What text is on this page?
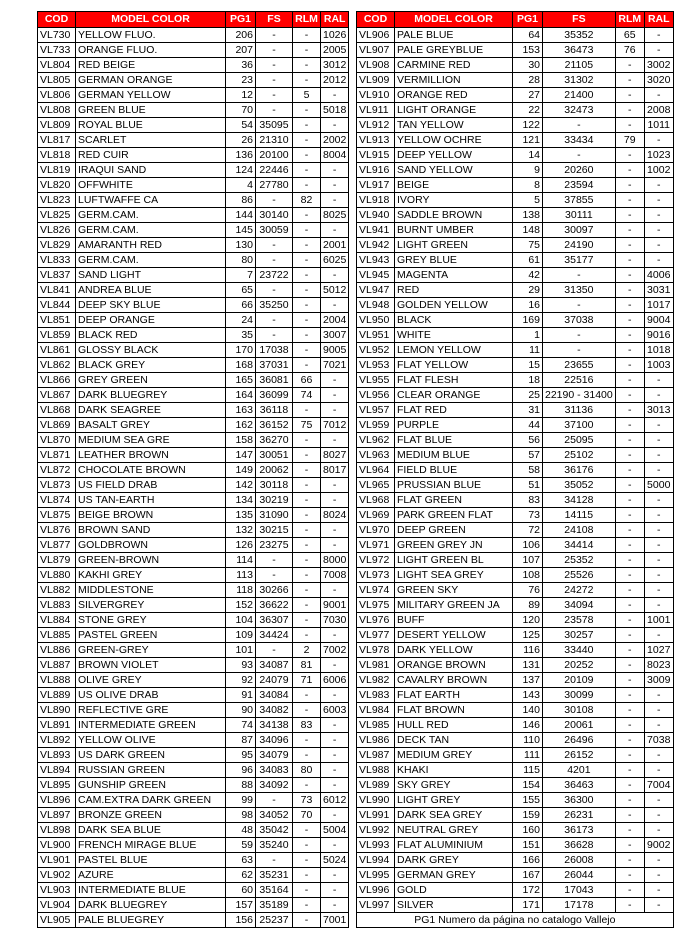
COD	MODEL COLOR	PG1	FS	RLM	RAL
VL730	YELLOW FLUO.	206	-	-	1026
VL733	ORANGE FLUO.	207	-	-	2005
VL804	RED BEIGE	36	-	-	3012
VL805	GERMAN ORANGE	23	-	-	2012
VL806	GERMAN YELLOW	12	-	5	-
VL808	GREEN BLUE	70	-	-	5018
VL809	ROYAL BLUE	54	35095	-	-
VL817	SCARLET	26	21310	-	2002
VL818	RED CUIR	136	20100	-	8004
VL819	IRAQUI SAND	124	22446	-	-
VL820	OFFWHITE	4	27780	-	-
VL823	LUFTWAFFE CA	86	-	82	-
VL825	GERM.CAM.	144	30140	-	8025
VL826	GERM.CAM.	145	30059	-	-
VL829	AMARANTH RED	130	-	-	2001
VL833	GERM.CAM.	80	-	-	6025
VL837	SAND LIGHT	7	23722	-	-
VL841	ANDREA BLUE	65	-	-	5012
VL844	DEEP SKY BLUE	66	35250	-	-
VL851	DEEP ORANGE	24	-	-	2004
VL859	BLACK RED	35	-	-	3007
VL861	GLOSSY BLACK	170	17038	-	9005
VL862	BLACK GREY	168	37031	-	7021
VL866	GREY GREEN	165	36081	66	-
VL867	DARK BLUEGREY	164	36099	74	-
VL868	DARK SEAGREE	163	36118	-	-
VL869	BASALT GREY	162	36152	75	7012
VL870	MEDIUM SEA GRE	158	36270	-	-
VL871	LEATHER BROWN	147	30051	-	8027
VL872	CHOCOLATE BROWN	149	20062	-	8017
VL873	US FIELD DRAB	142	30118	-	-
VL874	US TAN-EARTH	134	30219	-	-
VL875	BEIGE BROWN	135	31090	-	8024
VL876	BROWN SAND	132	30215	-	-
VL877	GOLDBROWN	126	23275	-	-
VL879	GREEN-BROWN	114	-	-	8000
VL880	KAKHI GREY	113	-	-	7008
VL882	MIDDLESTONE	118	30266	-	-
VL883	SILVERGREY	152	36622	-	9001
VL884	STONE GREY	104	36307	-	7030
VL885	PASTEL GREEN	109	34424	-	-
VL886	GREEN-GREY	101	-	2	7002
VL887	BROWN VIOLET	93	34087	81	-
VL888	OLIVE GREY	92	24079	71	6006
VL889	US OLIVE DRAB	91	34084	-	-
VL890	REFLECTIVE GRE	90	34082	-	6003
VL891	INTERMEDIATE GREEN	74	34138	83	-
VL892	YELLOW OLIVE	87	34096	-	-
VL893	US DARK GREEN	95	34079	-	-
VL894	RUSSIAN GREEN	96	34083	80	-
VL895	GUNSHIP GREEN	88	34092	-	-
VL896	CAM.EXTRA DARK GREEN	99	-	73	6012
VL897	BRONZE GREEN	98	34052	70	-
VL898	DARK SEA BLUE	48	35042	-	5004
VL900	FRENCH MIRAGE BLUE	59	35240	-	-
VL901	PASTEL BLUE	63	-	-	5024
VL902	AZURE	62	35231	-	-
VL903	INTERMEDIATE BLUE	60	35164	-	-
VL904	DARK BLUEGREY	157	35189	-	-
VL905	PALE BLUEGREY	156	25237	-	7001
COD	MODEL COLOR	PG1	FS	RLM	RAL
VL906	PALE BLUE	64	35352	65	-
VL907	PALE GREYBLUE	153	36473	76	-
VL908	CARMINE RED	30	21105	-	3002
VL909	VERMILLION	28	31302	-	3020
VL910	ORANGE RED	27	21400	-	-
VL911	LIGHT ORANGE	22	32473	-	2008
VL912	TAN YELLOW	122	-	-	1011
VL913	YELLOW OCHRE	121	33434	79	-
VL915	DEEP YELLOW	14	-	-	1023
VL916	SAND YELLOW	9	20260	-	1002
VL917	BEIGE	8	23594	-	-
VL918	IVORY	5	37855	-	-
VL940	SADDLE BROWN	138	30111	-	-
VL941	BURNT UMBER	148	30097	-	-
VL942	LIGHT GREEN	75	24190	-	-
VL943	GREY BLUE	61	35177	-	-
VL945	MAGENTA	42	-	-	4006
VL947	RED	29	31350	-	3031
VL948	GOLDEN YELLOW	16	-	-	1017
VL950	BLACK	169	37038	-	9004
VL951	WHITE	1	-	-	9016
VL952	LEMON YELLOW	11	-	-	1018
VL953	FLAT YELLOW	15	23655	-	1003
VL955	FLAT FLESH	18	22516	-	-
VL956	CLEAR ORANGE	25	22190 - 31400	-	-
VL957	FLAT RED	31	31136	-	3013
VL959	PURPLE	44	37100	-	-
VL962	FLAT BLUE	56	25095	-	-
VL963	MEDIUM BLUE	57	25102	-	-
VL964	FIELD BLUE	58	36176	-	-
VL965	PRUSSIAN BLUE	51	35052	-	5000
VL968	FLAT GREEN	83	34128	-	-
VL969	PARK GREEN FLAT	73	14115	-	-
VL970	DEEP GREEN	72	24108	-	-
VL971	GREEN GREY JN	106	34414	-	-
VL972	LIGHT GREEN BL	107	25352	-	-
VL973	LIGHT SEA GREY	108	25526	-	-
VL974	GREEN SKY	76	24272	-	-
VL975	MILITARY GREEN JA	89	34094	-	-
VL976	BUFF	120	23578	-	1001
VL977	DESERT YELLOW	125	30257	-	-
VL978	DARK YELLOW	116	33440	-	1027
VL981	ORANGE BROWN	131	20252	-	8023
VL982	CAVALRY BROWN	137	20109	-	3009
VL983	FLAT EARTH	143	30099	-	-
VL984	FLAT BROWN	140	30108	-	-
VL985	HULL RED	146	20061	-	-
VL986	DECK TAN	110	26496	-	7038
VL987	MEDIUM GREY	111	26152	-	-
VL988	KHAKI	115	4201	-	-
VL989	SKY GREY	154	36463	-	7004
VL990	LIGHT GREY	155	36300	-	-
VL991	DARK SEA GREY	159	26231	-	-
VL992	NEUTRAL GREY	160	36173	-	-
VL993	FLAT ALUMINIUM	151	36628	-	9002
VL994	DARK GREY	166	26008	-	-
VL995	GERMAN GREY	167	26044	-	-
VL996	GOLD	172	17043	-	-
VL997	SILVER	171	17178	-	-
PG1 Numero da página no catalogo Vallejo					
